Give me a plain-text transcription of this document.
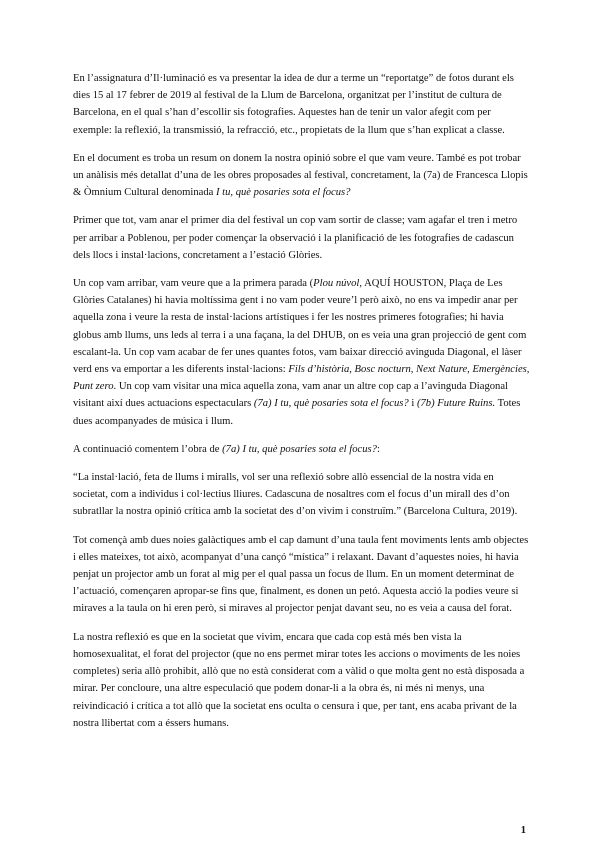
En l’assignatura d’Il·luminació es va presentar la idea de dur a terme un “reportatge” de fotos durant els dies 15 al 17 febrer de 2019 al festival de la Llum de Barcelona, organitzat per l’institut de cultura de Barcelona, en el qual s’han d’escollir sis fotografies. Aquestes han de tenir un valor afegit com per exemple: la reflexió, la transmissió, la refracció, etc., propietats de la llum que s’han explicat a classe.

En el document es troba un resum on donem la nostra opinió sobre el que vam veure. També es pot trobar un anàlisis més detallat d’una de les obres proposades al festival, concretament, la (7a) de Francesca Llopis & Òmnium Cultural denominada I tu, què posaries sota el focus?

Primer que tot, vam anar el primer dia del festival un cop vam sortir de classe; vam agafar el tren i metro per arribar a Poblenou, per poder començar la observació i la planificació de les fotografies de cadascun dels llocs i instal·lacions, concretament a l’estació Glòries.

Un cop vam arribar, vam veure que a la primera parada (Plou núvol, AQUÍ HOUSTON, Plaça de Les Glòries Catalanes) hi havia moltíssima gent i no vam poder veure’l però això, no ens va impedir anar per aquella zona i veure la resta de instal·lacions artístiques i fer les nostres primeres fotografies; hi havia globus amb llums, uns leds al terra i a una façana, la del DHUB, on es veia una gran projecció de gent com escalant-la. Un cop vam acabar de fer unes quantes fotos, vam baixar direcció avinguda Diagonal, el làser verd ens va emportar a les diferents instal·lacions: Fils d’història, Bosc nocturn, Next Nature, Emergències, Punt zero. Un cop vam visitar una mica aquella zona, vam anar un altre cop cap a l’avinguda Diagonal visitant així dues actuacions espectaculars (7a) I tu, què posaries sota el focus? i (7b) Future Ruins. Totes dues acompanyades de música i llum.

A continuació comentem l’obra de (7a) I tu, què posaries sota el focus?:

“La instal·lació, feta de llums i miralls, vol ser una reflexió sobre allò essencial de la nostra vida en societat, com a individus i col·lectius lliures. Cadascuna de nosaltres com el focus d’un mirall des d’on subratllar la nostra opinió crítica amb la societat des d’on vivim i construïm.” (Barcelona Cultura, 2019).

Tot començà amb dues noies galàctiques amb el cap damunt d’una taula fent moviments lents amb objectes i elles mateixes, tot això, acompanyat d’una cançó “mística” i relaxant. Davant d’aquestes noies, hi havia penjat un projector amb un forat al mig per el qual passa un focus de llum. En un moment determinat de l’actuació, començaren apropar-se fins que, finalment, es donen un petó. Aquesta acció la podies veure si miraves a la taula on hi eren però, si miraves al projector penjat davant seu, no es veia a causa del forat.

La nostra reflexió es que en la societat que vivim, encara que cada cop està més ben vista la homosexualitat, el forat del projector (que no ens permet mirar totes les accions o moviments de les noies completes) seria allò prohibit, allò que no està considerat com a vàlid o que molta gent no està disposada a mirar. Per concloure, una altre especulació que podem donar-li a la obra és, ni més ni menys, una reivindicació i crítica a tot allò que la societat ens oculta o censura i que, per tant, ens acaba privant de la nostra llibertat com a éssers humans.

1
